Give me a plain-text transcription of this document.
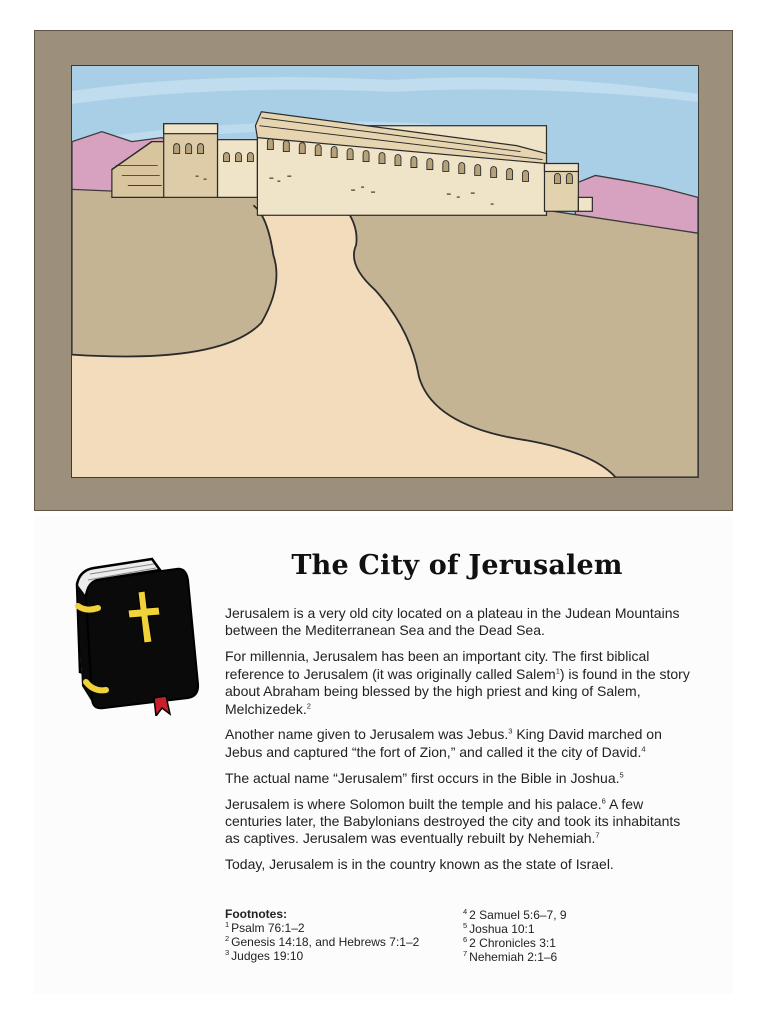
The City of Jerusalem

Jerusalem is a very old city located on a plateau in the Judean Mountains between the Mediterranean Sea and the Dead Sea.

For millennia, Jerusalem has been an important city. The first biblical reference to Jerusalem (it was originally called Salem$^1$) is found in the story about Abraham being blessed by the high priest and king of Salem, Melchizedek.$^2$

Another name given to Jerusalem was Jebus.$^3$ King David marched on Jebus and captured “the fort of Zion,” and called it the city of David.$^4$

The actual name “Jerusalem” first occurs in the Bible in Joshua.$^5$

Jerusalem is where Solomon built the temple and his palace.$^6$ A few centuries later, the Babylonians destroyed the city and took its inhabitants as captives. Jerusalem was eventually rebuilt by Nehemiah.$^7$

Today, Jerusalem is in the country known as the state of Israel.

Footnotes:
$^1$ Psalm 76:1–2
$^2$ Genesis 14:18, and Hebrews 7:1–2
$^3$ Judges 19:10
$^4$ 2 Samuel 5:6–7, 9
$^5$ Joshua 10:1
$^6$ 2 Chronicles 3:1
$^7$ Nehemiah 2:1–6
